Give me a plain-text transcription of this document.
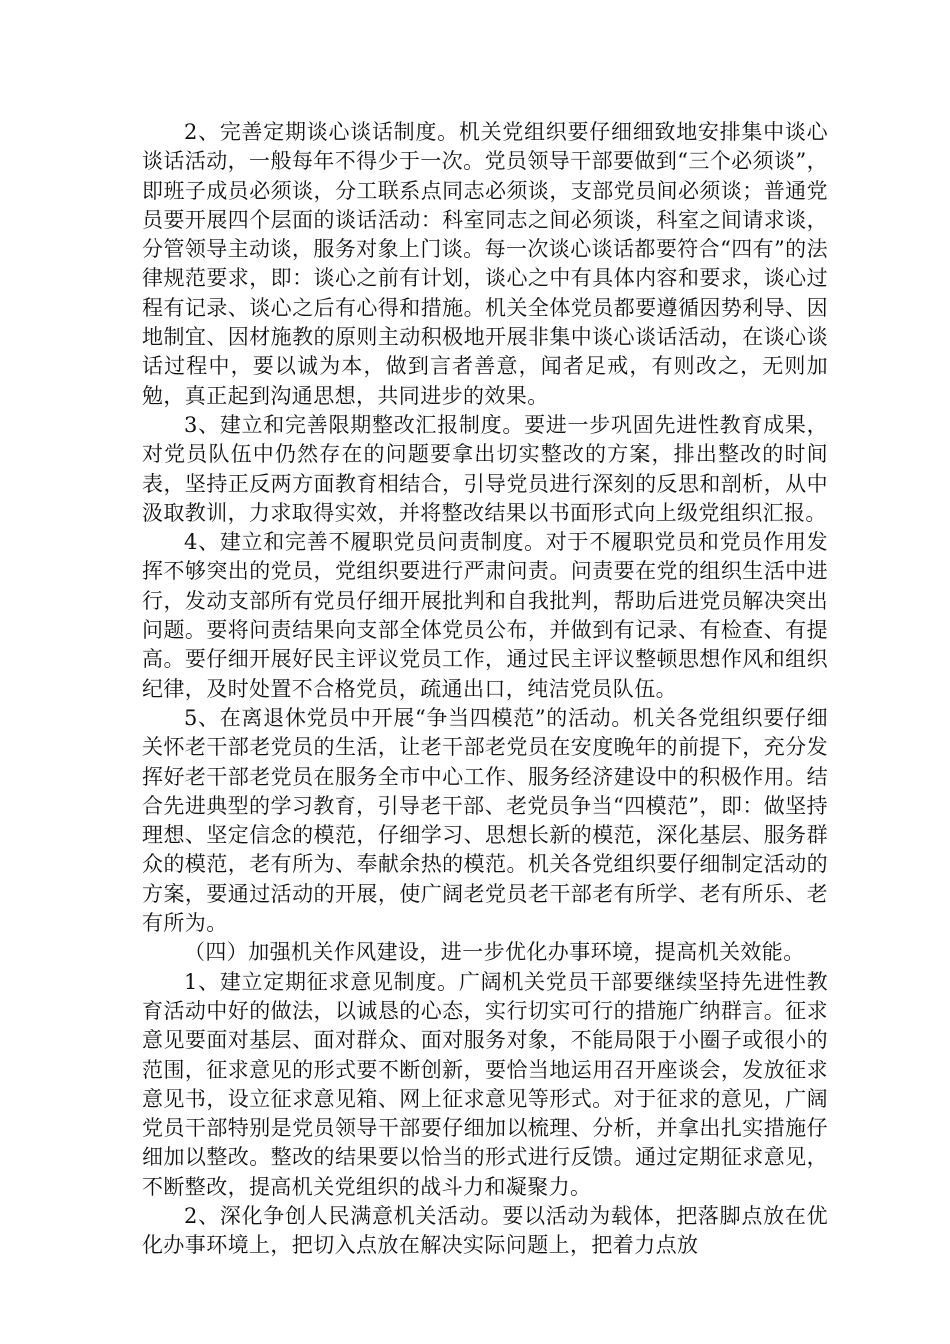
2、完善定期谈心谈话制度。机关党组织要仔细细致地安排集中谈心谈话活动，一般每年不得少于一次。党员领导干部要做到“三个必须谈”，即班子成员必须谈，分工联系点同志必须谈，支部党员间必须谈；普通党员要开展四个层面的谈话活动：科室同志之间必须谈，科室之间请求谈，分管领导主动谈，服务对象上门谈。每一次谈心谈话都要符合“四有”的法律规范要求，即：谈心之前有计划，谈心之中有具体内容和要求，谈心过程有记录、谈心之后有心得和措施。机关全体党员都要遵循因势利导、因地制宜、因材施教的原则主动积极地开展非集中谈心谈话活动，在谈心谈话过程中，要以诚为本，做到言者善意，闻者足戒，有则改之，无则加勉，真正起到沟通思想，共同进步的效果。

3、建立和完善限期整改汇报制度。要进一步巩固先进性教育成果，对党员队伍中仍然存在的问题要拿出切实整改的方案，排出整改的时间表，坚持正反两方面教育相结合，引导党员进行深刻的反思和剖析，从中汲取教训，力求取得实效，并将整改结果以书面形式向上级党组织汇报。

4、建立和完善不履职党员问责制度。对于不履职党员和党员作用发挥不够突出的党员，党组织要进行严肃问责。问责要在党的组织生活中进行，发动支部所有党员仔细开展批判和自我批判，帮助后进党员解决突出问题。要将问责结果向支部全体党员公布，并做到有记录、有检查、有提高。要仔细开展好民主评议党员工作，通过民主评议整顿思想作风和组织纪律，及时处置不合格党员，疏通出口，纯洁党员队伍。

5、在离退休党员中开展“争当四模范”的活动。机关各党组织要仔细关怀老干部老党员的生活，让老干部老党员在安度晚年的前提下，充分发挥好老干部老党员在服务全市中心工作、服务经济建设中的积极作用。结合先进典型的学习教育，引导老干部、老党员争当“四模范”，即：做坚持理想、坚定信念的模范，仔细学习、思想长新的模范，深化基层、服务群众的模范，老有所为、奉献余热的模范。机关各党组织要仔细制定活动的方案，要通过活动的开展，使广阔老党员老干部老有所学、老有所乐、老有所为。

（四）加强机关作风建设，进一步优化办事环境，提高机关效能。

1、建立定期征求意见制度。广阔机关党员干部要继续坚持先进性教育活动中好的做法，以诚恳的心态，实行切实可行的措施广纳群言。征求意见要面对基层、面对群众、面对服务对象，不能局限于小圈子或很小的范围，征求意见的形式要不断创新，要恰当地运用召开座谈会，发放征求意见书，设立征求意见箱、网上征求意见等形式。对于征求的意见，广阔党员干部特别是党员领导干部要仔细加以梳理、分析，并拿出扎实措施仔细加以整改。整改的结果要以恰当的形式进行反馈。通过定期征求意见，不断整改，提高机关党组织的战斗力和凝聚力。

2、深化争创人民满意机关活动。要以活动为载体，把落脚点放在优化办事环境上，把切入点放在解决实际问题上，把着力点放
